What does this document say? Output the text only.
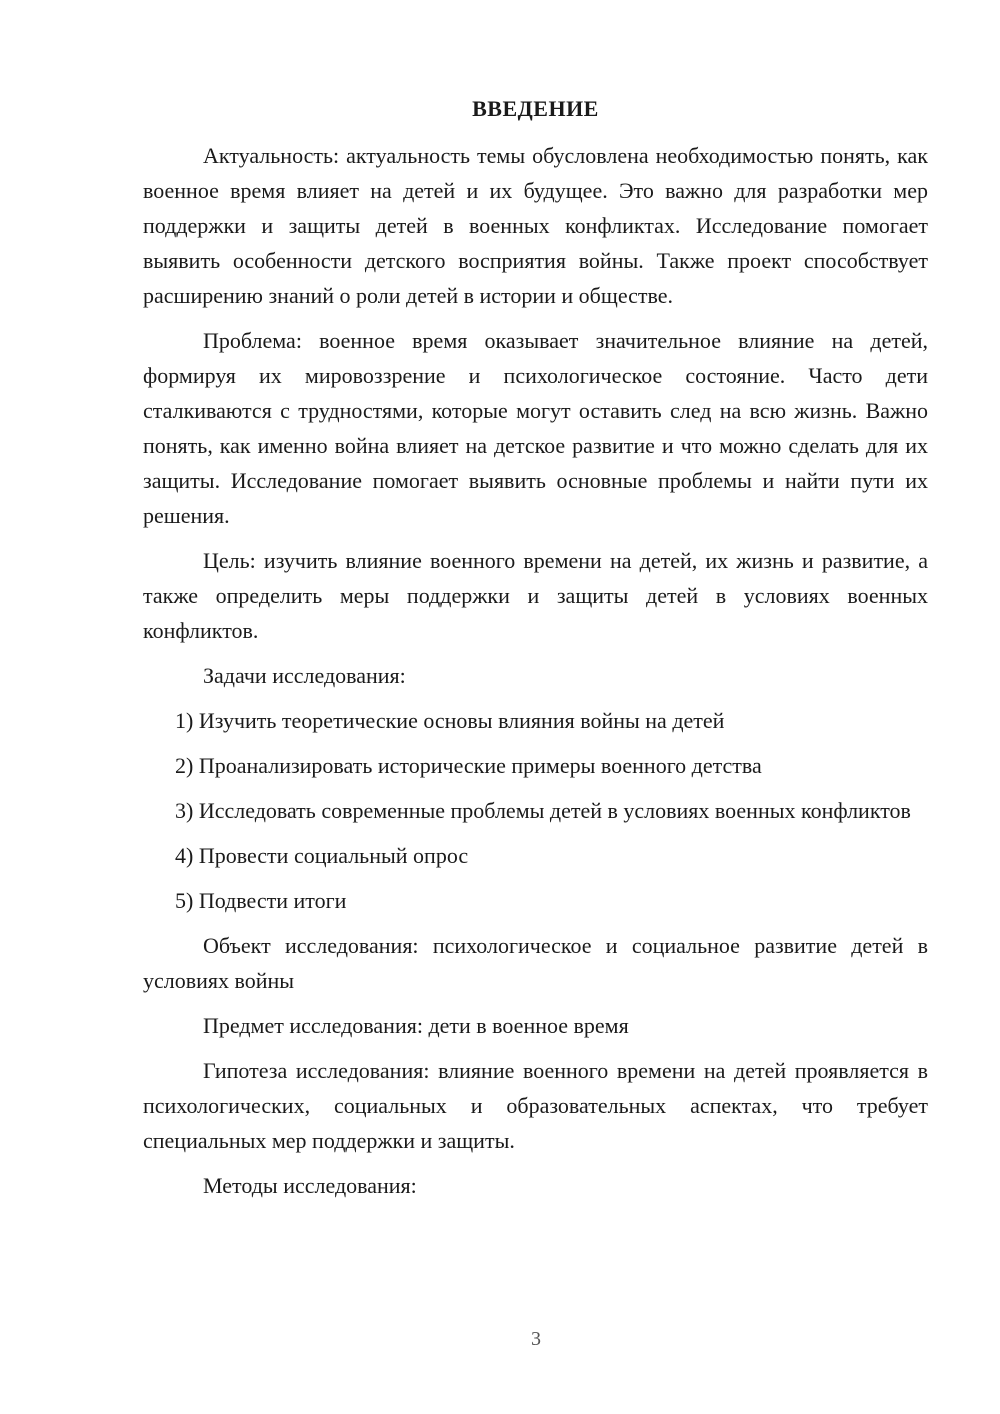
ВВЕДЕНИЕ

Актуальность: актуальность темы обусловлена необходимостью понять, как военное время влияет на детей и их будущее. Это важно для разработки мер поддержки и защиты детей в военных конфликтах. Исследование помогает выявить особенности детского восприятия войны. Также проект способствует расширению знаний о роли детей в истории и обществе.

Проблема: военное время оказывает значительное влияние на детей, формируя их мировоззрение и психологическое состояние. Часто дети сталкиваются с трудностями, которые могут оставить след на всю жизнь. Важно понять, как именно война влияет на детское развитие и что можно сделать для их защиты. Исследование помогает выявить основные проблемы и найти пути их решения.

Цель: изучить влияние военного времени на детей, их жизнь и развитие, а также определить меры поддержки и защиты детей в условиях военных конфликтов.

Задачи исследования:

1) Изучить теоретические основы влияния войны на детей

2) Проанализировать исторические примеры военного детства

3) Исследовать современные проблемы детей в условиях военных конфликтов

4) Провести социальный опрос

5) Подвести итоги

Объект исследования: психологическое и социальное развитие детей в условиях войны

Предмет исследования: дети в военное время

Гипотеза исследования: влияние военного времени на детей проявляется в психологических, социальных и образовательных аспектах, что требует специальных мер поддержки и защиты.

Методы исследования:

3
